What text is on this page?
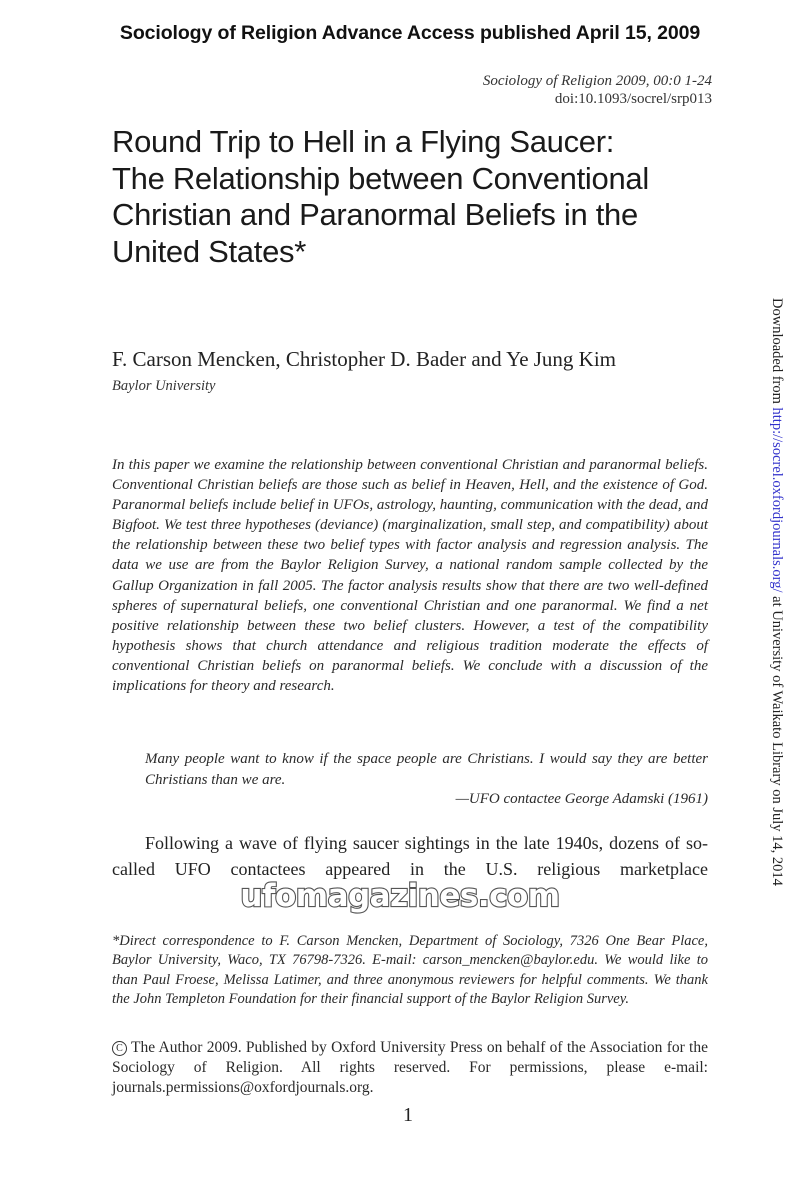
Sociology of Religion Advance Access published April 15, 2009
Sociology of Religion 2009, 00:0 1-24
doi:10.1093/socrel/srp013
Round Trip to Hell in a Flying Saucer:
The Relationship between Conventional
Christian and Paranormal Beliefs in the
United States*
F. Carson Mencken, Christopher D. Bader and Ye Jung Kim
Baylor University
In this paper we examine the relationship between conventional Christian and paranormal beliefs. Conventional Christian beliefs are those such as belief in Heaven, Hell, and the existence of God. Paranormal beliefs include belief in UFOs, astrology, haunting, communication with the dead, and Bigfoot. We test three hypotheses (deviance) (marginalization, small step, and compatibility) about the relationship between these two belief types with factor analysis and regression analysis. The data we use are from the Baylor Religion Survey, a national random sample collected by the Gallup Organization in fall 2005. The factor analysis results show that there are two well-defined spheres of supernatural beliefs, one conventional Christian and one paranormal. We find a net positive relationship between these two belief clusters. However, a test of the compatibility hypothesis shows that church attendance and religious tradition moderate the effects of conventional Christian beliefs on paranormal beliefs. We conclude with a discussion of the implications for theory and research.
Many people want to know if the space people are Christians. I would say they are better Christians than we are.
—UFO contactee George Adamski (1961)
Following a wave of flying saucer sightings in the late 1940s, dozens of so-called UFO contactees appeared in the U.S. religious marketplace
ufomagazines.com
*Direct correspondence to F. Carson Mencken, Department of Sociology, 7326 One Bear Place, Baylor University, Waco, TX 76798-7326. E-mail: carson_mencken@baylor.edu. We would like to than Paul Froese, Melissa Latimer, and three anonymous reviewers for helpful comments. We thank the John Templeton Foundation for their financial support of the Baylor Religion Survey.
C The Author 2009. Published by Oxford University Press on behalf of the Association for the Sociology of Religion. All rights reserved. For permissions, please e-mail: journals.permissions@oxfordjournals.org.
1
Downloaded from http://socrel.oxfordjournals.org/ at University of Waikato Library on July 14, 2014
